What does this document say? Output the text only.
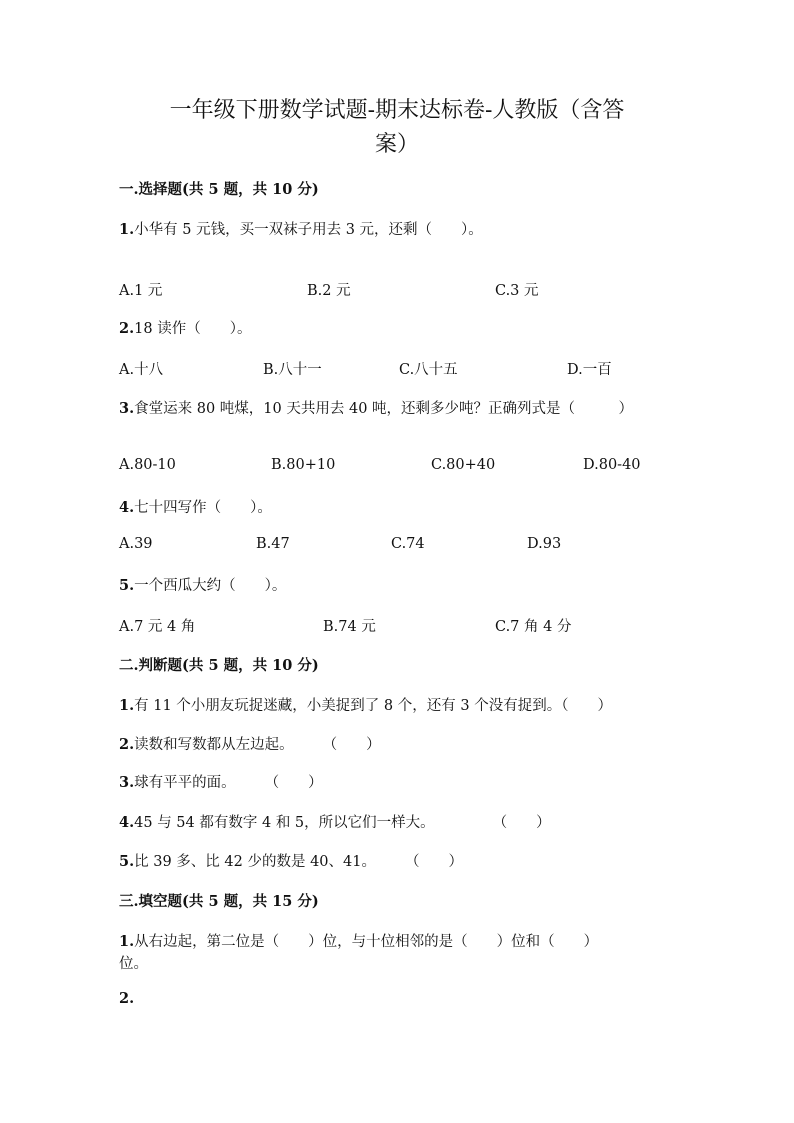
一年级下册数学试题-期末达标卷-人教版（含答
案）
一.选择题(共 5 题，共 10 分)
1.小华有 5 元钱，买一双袜子用去 3 元，还剩（　　）。
A.1 元	B.2 元	C.3 元
2.18 读作（　　）。
A.十八	B.八十一	C.八十五	D.一百
3.食堂运来 80 吨煤，10 天共用去 40 吨，还剩多少吨？正确列式是（　　　）
A.80-10	B.80+10	C.80+40	D.80-40
4.七十四写作（　　）。
A.39	B.47	C.74	D.93
5.一个西瓜大约（　　）。
A.7 元 4 角	B.74 元	C.7 角 4 分
二.判断题(共 5 题，共 10 分)
1.有 11 个小朋友玩捉迷藏，小美捉到了 8 个，还有 3 个没有捉到。（　　）
2.读数和写数都从左边起。　　　（　　）
3.球有平平的面。　　　（　　）
4.45 与 54 都有数字 4 和 5，所以它们一样大。　　　　　（　　）
5.比 39 多、比 42 少的数是 40、41。　　　（　　）
三.填空题(共 5 题，共 15 分)
1.从右边起，第二位是（　　）位，与十位相邻的是（　　）位和（　　）
位。
2.
